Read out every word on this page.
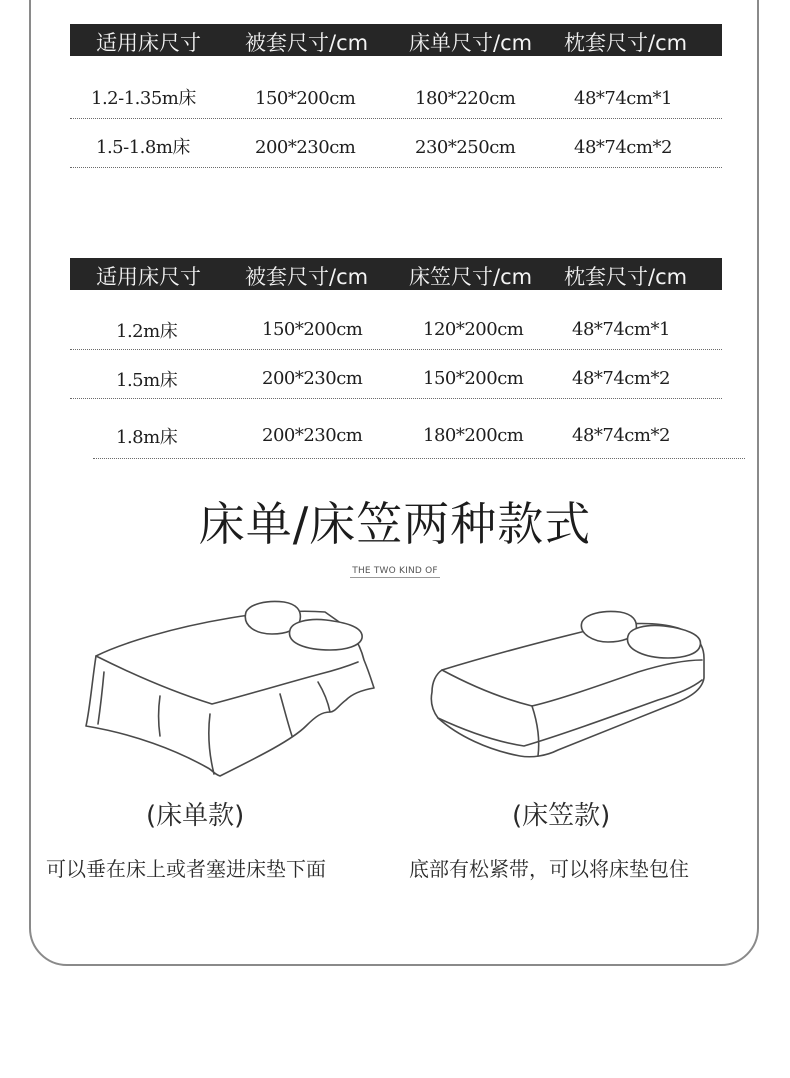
适用床尺寸 被套尺寸/cm 床单尺寸/cm 枕套尺寸/cm
1.2-1.35m床	150*200cm	180*220cm	48*74cm*1
1.5-1.8m床	200*230cm	230*250cm	48*74cm*2
适用床尺寸 被套尺寸/cm 床笠尺寸/cm 枕套尺寸/cm
1.2m床	150*200cm	120*200cm	48*74cm*1
1.5m床	200*230cm	150*200cm	48*74cm*2
1.8m床	200*230cm	180*200cm	48*74cm*2
床单/床笠两种款式
THE TWO KIND OF
(床单款)	(床笠款)
可以垂在床上或者塞进床垫下面	底部有松紧带，可以将床垫包住
